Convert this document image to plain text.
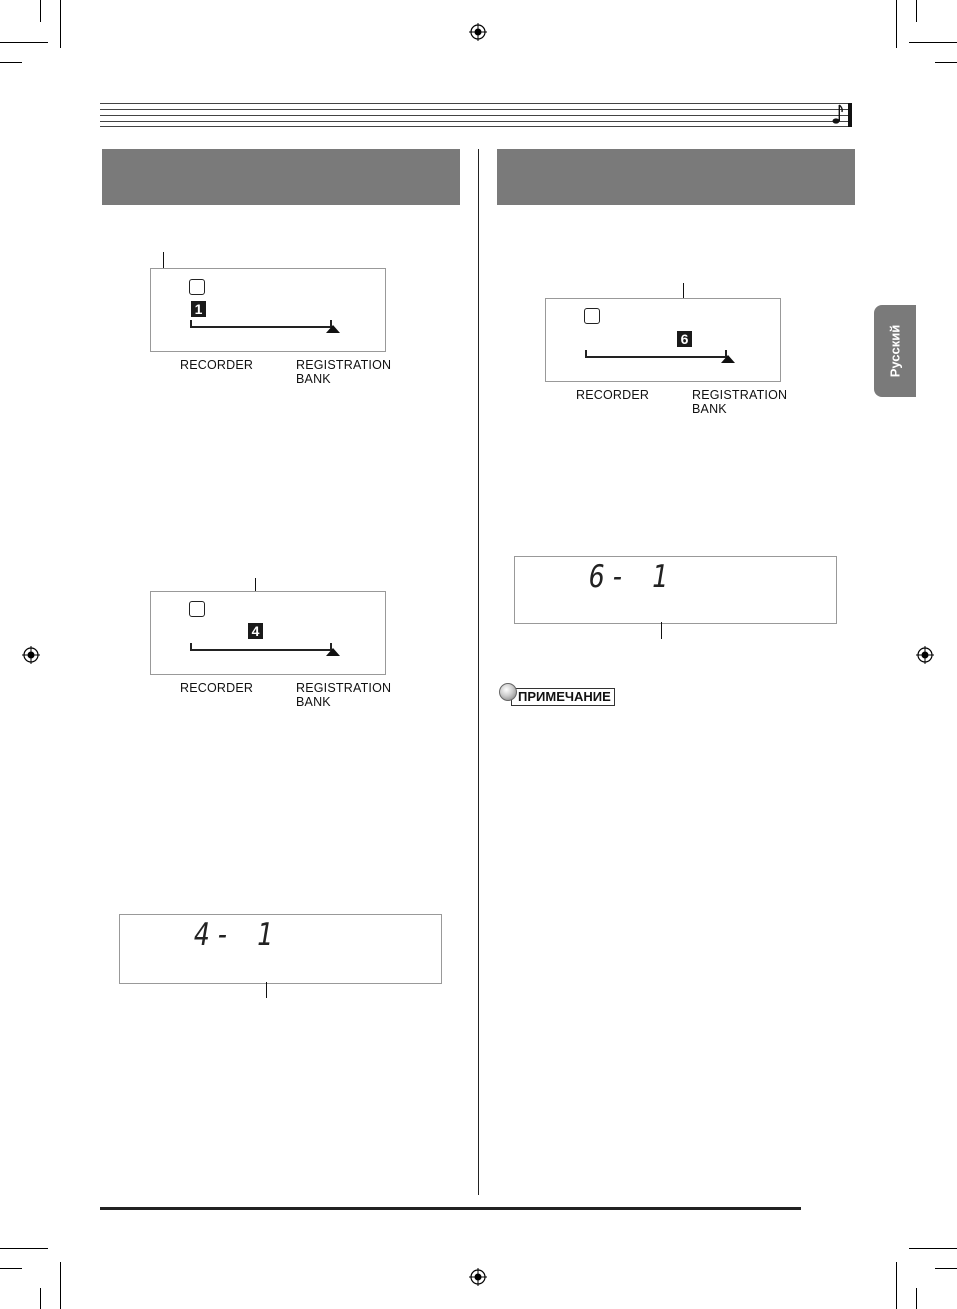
Русский
1
RECORDER	REGISTRATION
BANK
4
RECORDER	REGISTRATION
BANK
6
RECORDER	REGISTRATION
BANK
4- 1
6- 1
ПРИМЕЧАНИЕ
